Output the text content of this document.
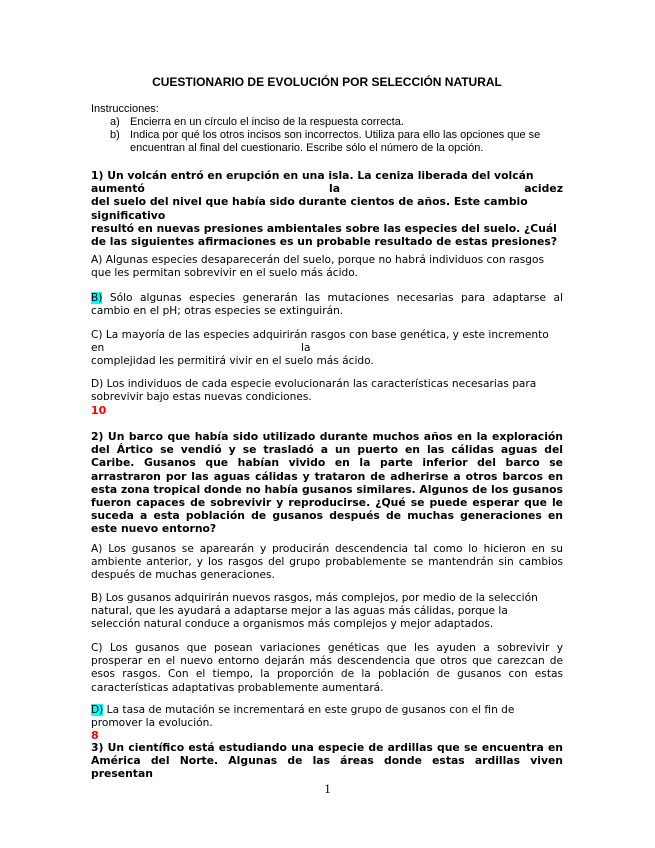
CUESTIONARIO DE EVOLUCIÓN POR SELECCIÓN NATURAL
Instrucciones:
a) Encierra en un círculo el inciso de la respuesta correcta.
b) Indica por qué los otros incisos son incorrectos. Utiliza para ello las opciones que se encuentran al final del cuestionario. Escribe sólo el número de la opción.
1) Un volcán entró en erupción en una isla. La ceniza liberada del volcán
aumentó	la	acidez
del suelo del nivel que había sido durante cientos de años. Este cambio significativo
resultó en nuevas presiones ambientales sobre las especies del suelo. ¿Cuál de las siguientes afirmaciones es un probable resultado de estas presiones?
A) Algunas especies desaparecerán del suelo, porque no habrá individuos con rasgos que les permitan sobrevivir en el suelo más ácido.
B) Sólo algunas especies generarán las mutaciones necesarias para adaptarse al cambio en el pH; otras especies se extinguirán.
C) La mayoría de las especies adquirirán rasgos con base genética, y este incremento
en	la
complejidad les permitirá vivir en el suelo más ácido.
D) Los individuos de cada especie evolucionarán las características necesarias para sobrevivir bajo estas nuevas condiciones.
10
2) Un barco que había sido utilizado durante muchos años en la exploración del Ártico se vendió y se trasladó a un puerto en las cálidas aguas del Caribe. Gusanos que habían vivido en la parte inferior del barco se arrastraron por las aguas cálidas y trataron de adherirse a otros barcos en esta zona tropical donde no había gusanos similares. Algunos de los gusanos fueron capaces de sobrevivir y reproducirse. ¿Qué se puede esperar que le suceda a esta población de gusanos después de muchas generaciones en este nuevo entorno?
A) Los gusanos se aparearán y producirán descendencia tal como lo hicieron en su ambiente anterior, y los rasgos del grupo probablemente se mantendrán sin cambios después de muchas generaciones.
B) Los gusanos adquirirán nuevos rasgos, más complejos, por medio de la selección
natural, que les ayudará a adaptarse mejor a las aguas más cálidas, porque la
selección natural conduce a organismos más complejos y mejor adaptados.
C) Los gusanos que posean variaciones genéticas que les ayuden a sobrevivir y prosperar en el nuevo entorno dejarán más descendencia que otros que carezcan de esos rasgos. Con el tiempo, la proporción de la población de gusanos con estas características adaptativas probablemente aumentará.
D) La tasa de mutación se incrementará en este grupo de gusanos con el fin de promover la evolución.
8
3) Un científico está estudiando una especie de ardillas que se encuentra en América del Norte. Algunas de las áreas donde estas ardillas viven presentan
1
